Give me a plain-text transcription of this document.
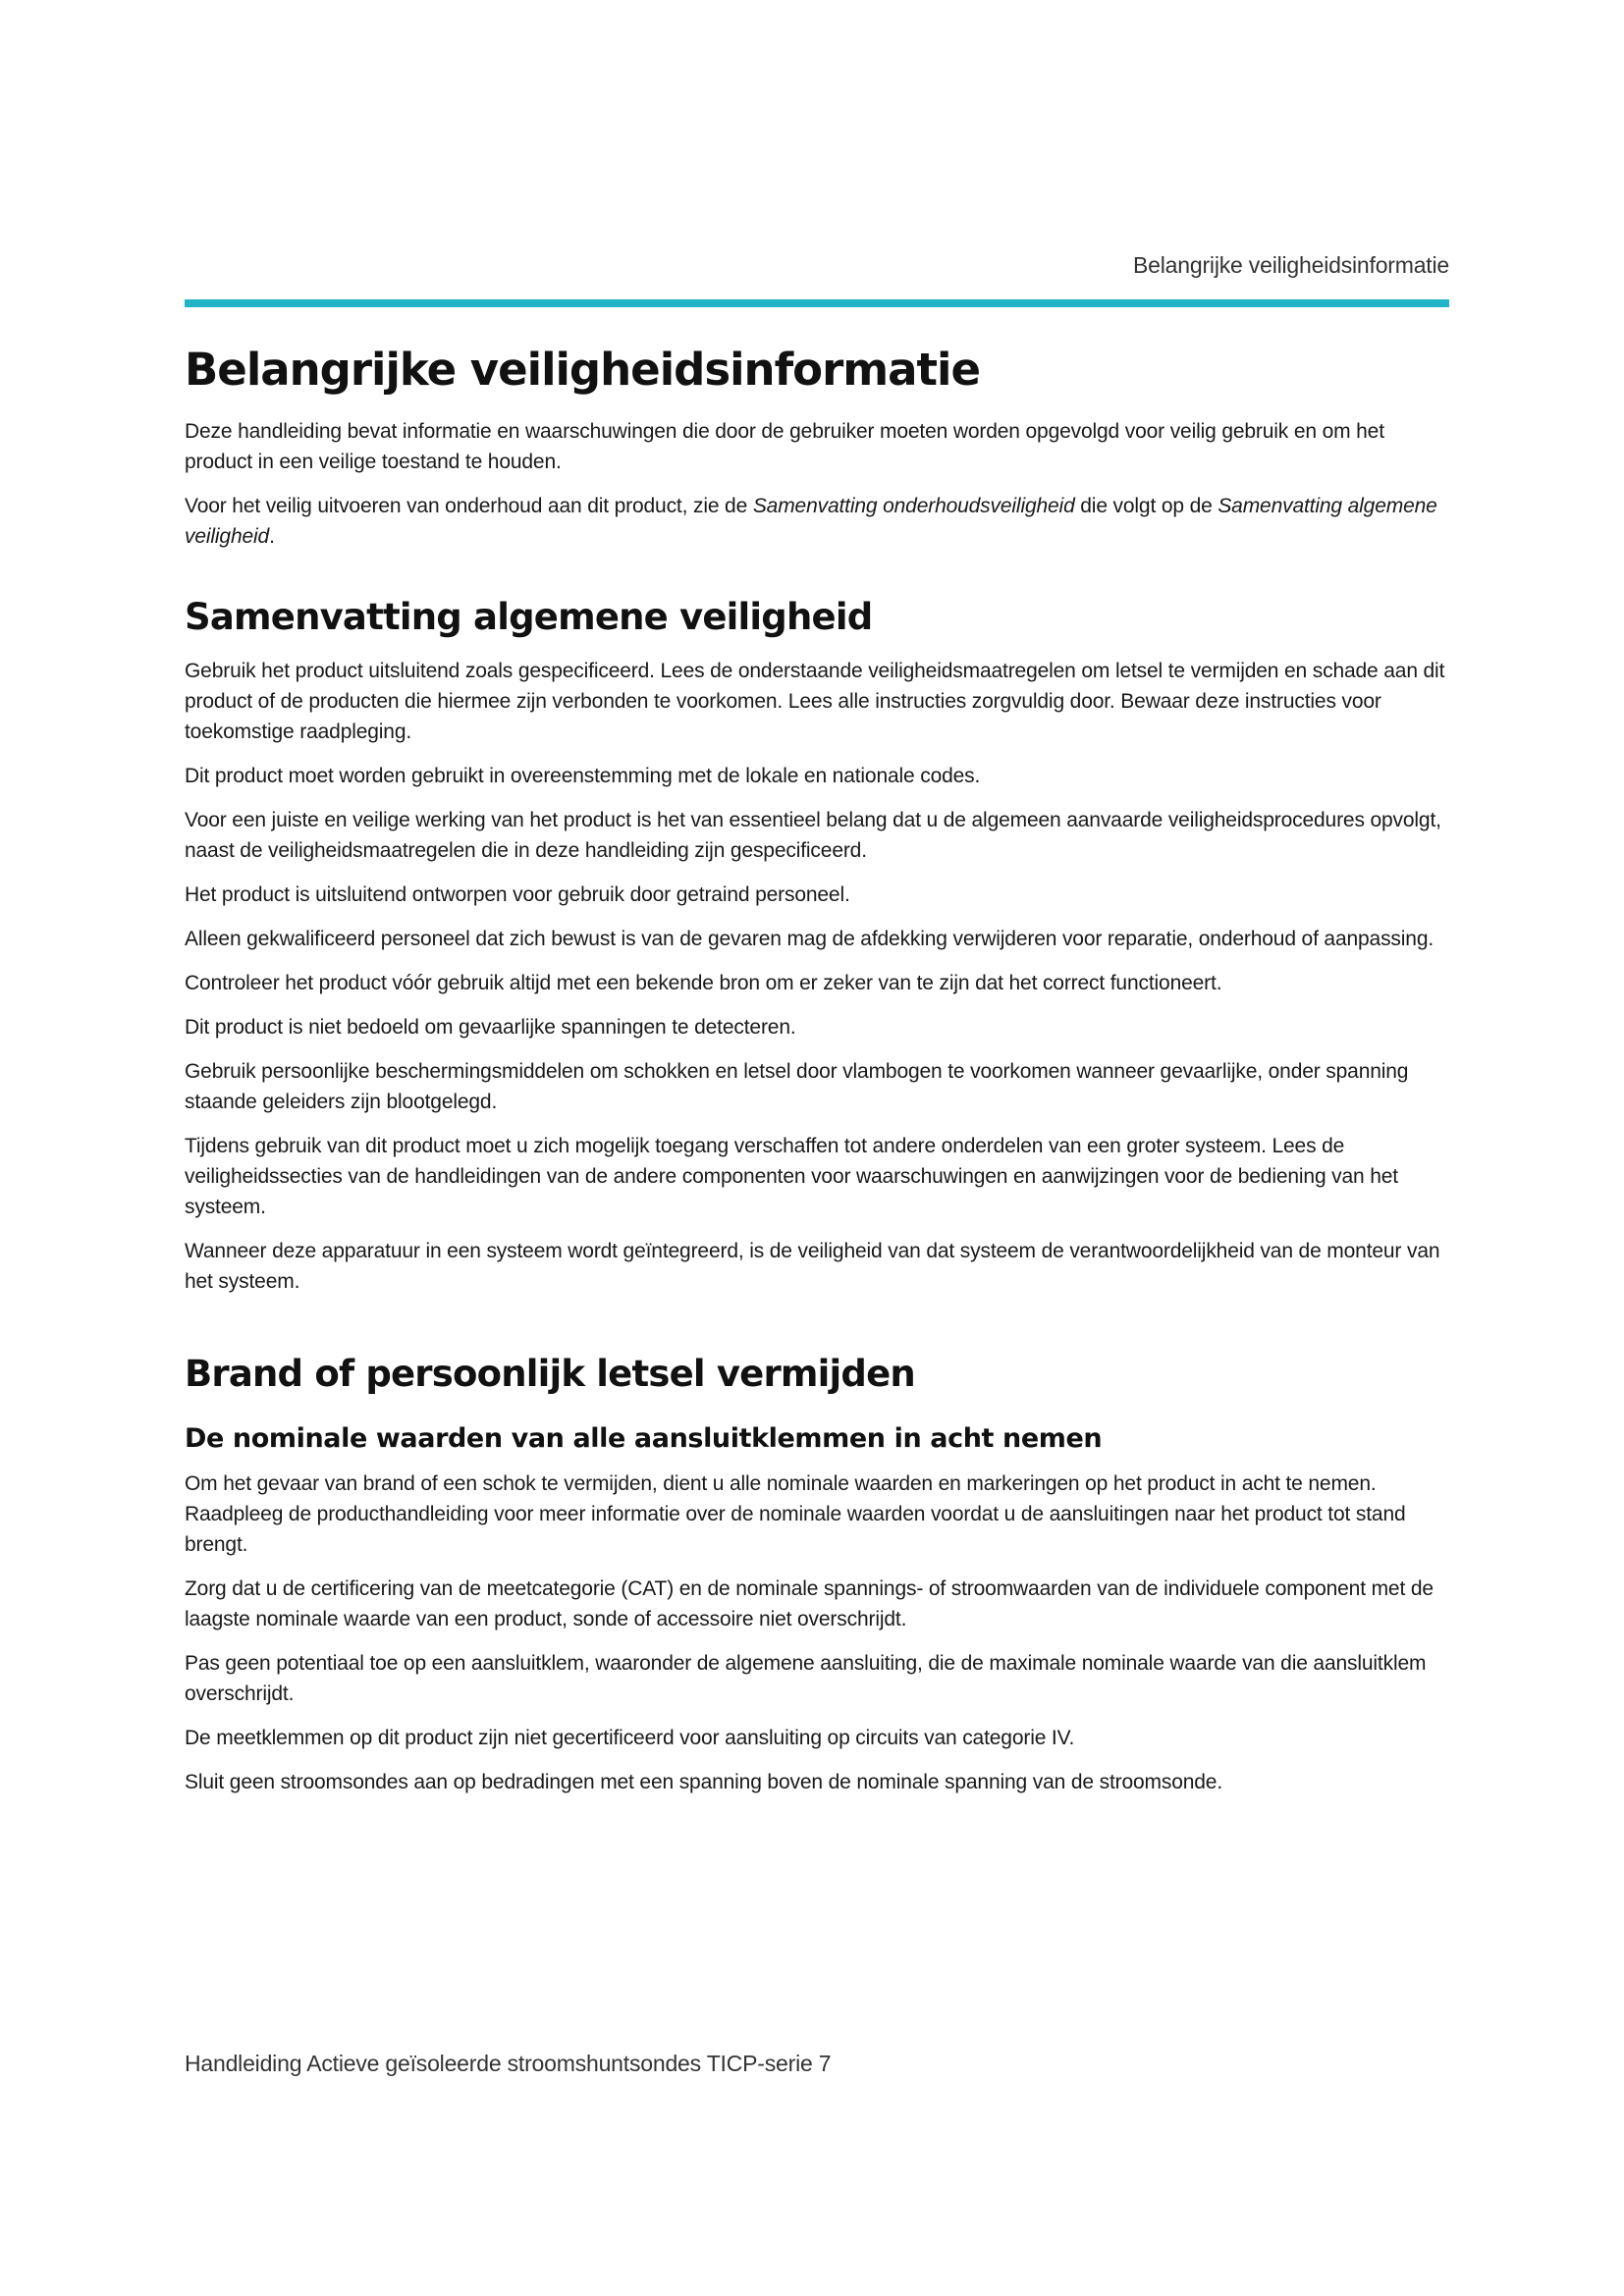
Belangrijke veiligheidsinformatie
Belangrijke veiligheidsinformatie

Deze handleiding bevat informatie en waarschuwingen die door de gebruiker moeten worden opgevolgd voor veilig gebruik en om het product in een veilige toestand te houden.

Voor het veilig uitvoeren van onderhoud aan dit product, zie de Samenvatting onderhoudsveiligheid die volgt op de Samenvatting algemene veiligheid.

Samenvatting algemene veiligheid

Gebruik het product uitsluitend zoals gespecificeerd. Lees de onderstaande veiligheidsmaatregelen om letsel te vermijden en schade aan dit product of de producten die hiermee zijn verbonden te voorkomen. Lees alle instructies zorgvuldig door. Bewaar deze instructies voor toekomstige raadpleging.

Dit product moet worden gebruikt in overeenstemming met de lokale en nationale codes.

Voor een juiste en veilige werking van het product is het van essentieel belang dat u de algemeen aanvaarde veiligheidsprocedures opvolgt, naast de veiligheidsmaatregelen die in deze handleiding zijn gespecificeerd.

Het product is uitsluitend ontworpen voor gebruik door getraind personeel.

Alleen gekwalificeerd personeel dat zich bewust is van de gevaren mag de afdekking verwijderen voor reparatie, onderhoud of aanpassing.

Controleer het product vóór gebruik altijd met een bekende bron om er zeker van te zijn dat het correct functioneert.

Dit product is niet bedoeld om gevaarlijke spanningen te detecteren.

Gebruik persoonlijke beschermingsmiddelen om schokken en letsel door vlambogen te voorkomen wanneer gevaarlijke, onder spanning staande geleiders zijn blootgelegd.

Tijdens gebruik van dit product moet u zich mogelijk toegang verschaffen tot andere onderdelen van een groter systeem. Lees de veiligheidssecties van de handleidingen van de andere componenten voor waarschuwingen en aanwijzingen voor de bediening van het systeem.

Wanneer deze apparatuur in een systeem wordt geïntegreerd, is de veiligheid van dat systeem de verantwoordelijkheid van de monteur van het systeem.

Brand of persoonlijk letsel vermijden
De nominale waarden van alle aansluitklemmen in acht nemen

Om het gevaar van brand of een schok te vermijden, dient u alle nominale waarden en markeringen op het product in acht te nemen. Raadpleeg de producthandleiding voor meer informatie over de nominale waarden voordat u de aansluitingen naar het product tot stand brengt.

Zorg dat u de certificering van de meetcategorie (CAT) en de nominale spannings- of stroomwaarden van de individuele component met de laagste nominale waarde van een product, sonde of accessoire niet overschrijdt.

Pas geen potentiaal toe op een aansluitklem, waaronder de algemene aansluiting, die de maximale nominale waarde van die aansluitklem overschrijdt.

De meetklemmen op dit product zijn niet gecertificeerd voor aansluiting op circuits van categorie IV.

Sluit geen stroomsondes aan op bedradingen met een spanning boven de nominale spanning van de stroomsonde.

Handleiding Actieve geïsoleerde stroomshuntsondes TICP-serie 7
